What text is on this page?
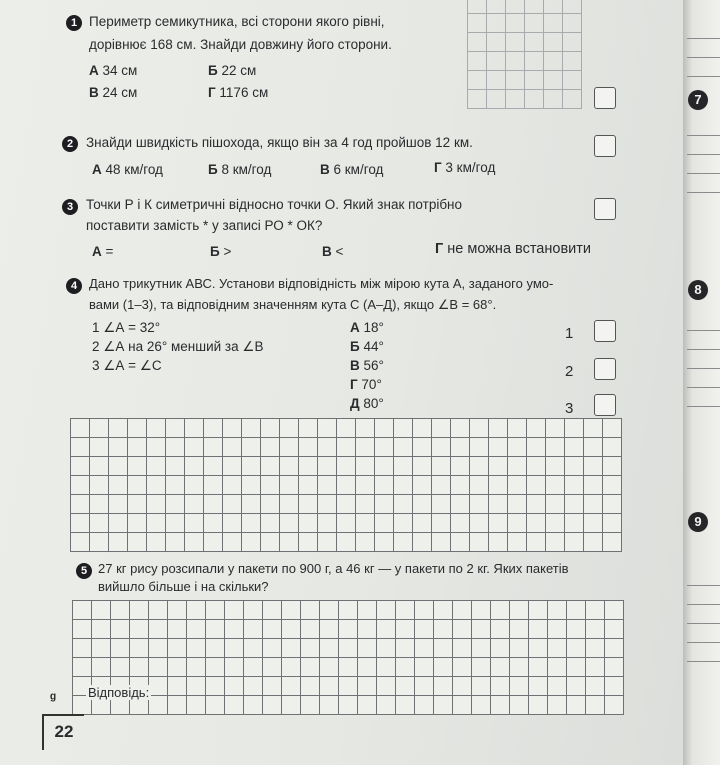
1 Периметр семикутника, всі сторони якого рівні,
дорівнює 168 см. Знайди довжину його сторони.
А 34 см	Б 22 см
В 24 см	Г 1176 см
2 Знайди швидкість пішохода, якщо він за 4 год пройшов 12 км.
А 48 км/год	Б 8 км/год	В 6 км/год	Г 3 км/год
3 Точки Р і К симетричні відносно точки О. Який знак потрібно
поставити замість * у записі РО * ОК?
А =	Б >	В <	Г не можна встановити
4 Дано трикутник АВС. Установи відповідність між мірою кута А, заданого умо-
вами (1–3), та відповідним значенням кута С (А–Д), якщо ∠В = 68°.
1 ∠А = 32°
2 ∠А на 26° менший за ∠В
3 ∠А = ∠С
А 18°
Б 44°
В 56°
Г 70°
Д 80°
1
2
3
5 27 кг рису розсипали у пакети по 900 г, а 46 кг — у пакети по 2 кг. Яких пакетів
вийшло більше і на скільки?
Відповідь:
ᵍ
22
7
8
9
